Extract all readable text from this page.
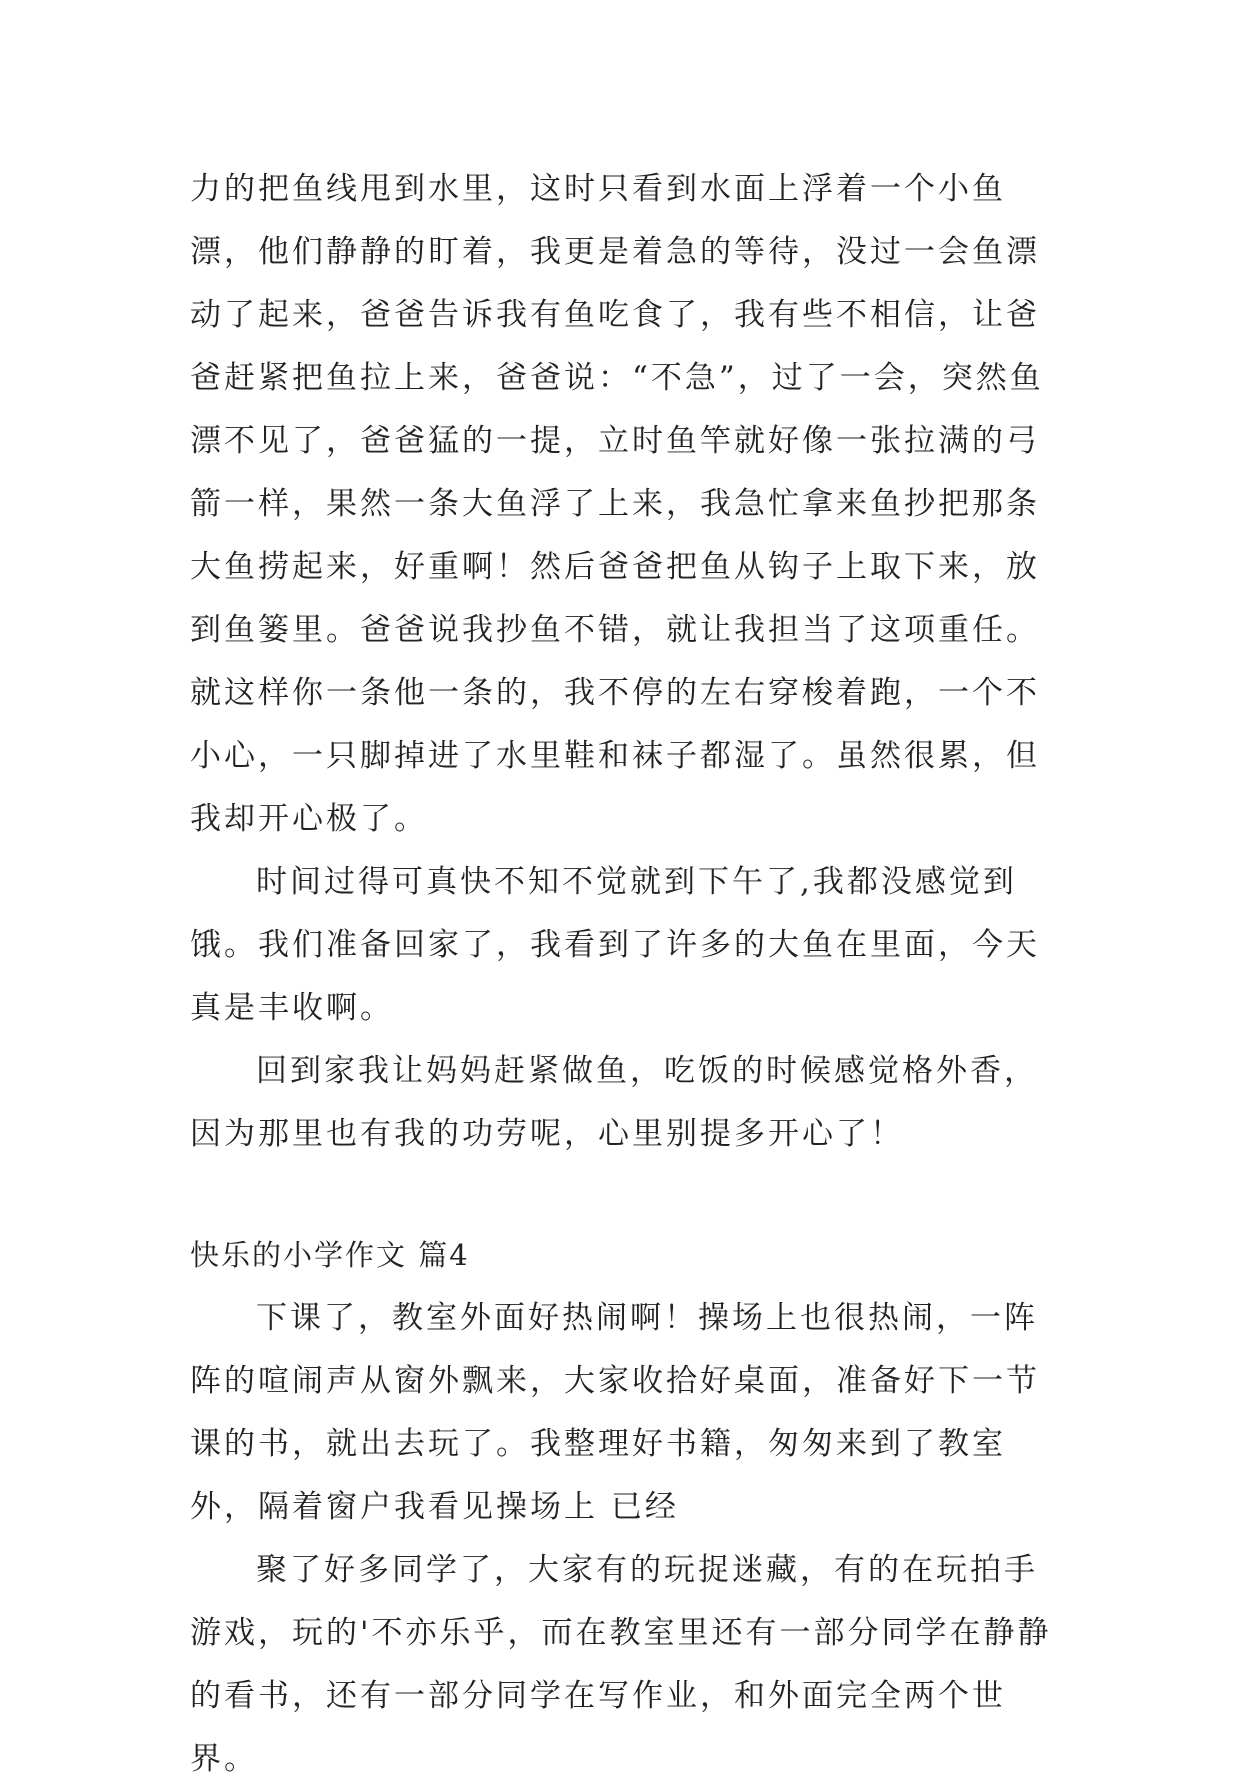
力的把鱼线甩到水里，这时只看到水面上浮着一个小鱼漂，他们静静的盯着，我更是着急的等待，没过一会鱼漂动了起来，爸爸告诉我有鱼吃食了，我有些不相信，让爸爸赶紧把鱼拉上来，爸爸说：“不急”，过了一会，突然鱼漂不见了，爸爸猛的一提，立时鱼竿就好像一张拉满的弓箭一样，果然一条大鱼浮了上来，我急忙拿来鱼抄把那条大鱼捞起来，好重啊！然后爸爸把鱼从钩子上取下来，放到鱼篓里。爸爸说我抄鱼不错，就让我担当了这项重任。就这样你一条他一条的，我不停的左右穿梭着跑，一个不小心，一只脚掉进了水里鞋和袜子都湿了。虽然很累，但我却开心极了。

时间过得可真快不知不觉就到下午了,我都没感觉到饿。我们准备回家了，我看到了许多的大鱼在里面，今天真是丰收啊。

回到家我让妈妈赶紧做鱼，吃饭的时候感觉格外香，因为那里也有我的功劳呢，心里别提多开心了！

快乐的小学作文 篇4

下课了，教室外面好热闹啊！操场上也很热闹，一阵阵的喧闹声从窗外飘来，大家收拾好桌面，准备好下一节课的书，就出去玩了。我整理好书籍，匆匆来到了教室外，隔着窗户我看见操场上 已经

聚了好多同学了，大家有的玩捉迷藏，有的在玩拍手游戏，玩的'不亦乐乎，而在教室里还有一部分同学在静静的看书，还有一部分同学在写作业，和外面完全两个世界。
